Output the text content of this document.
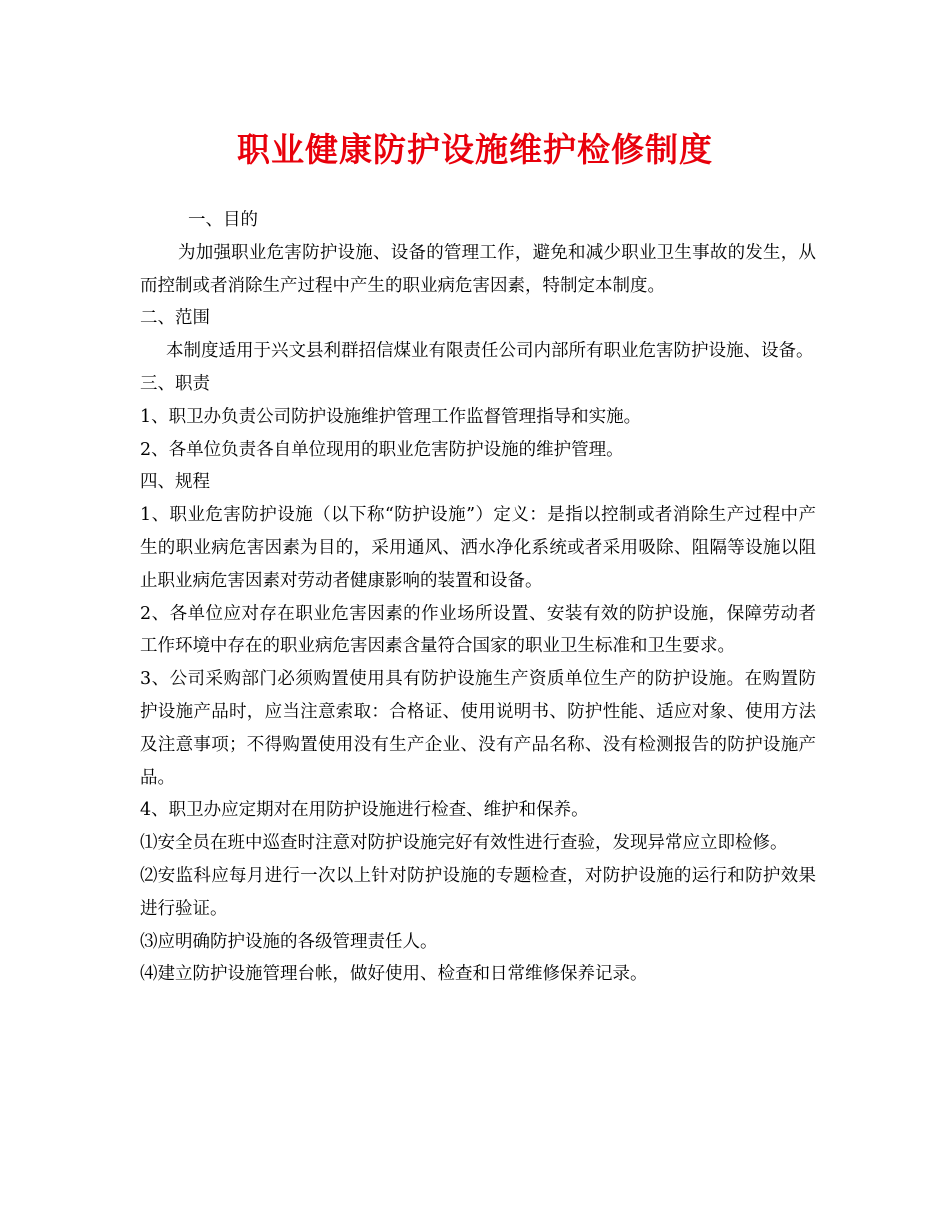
职业健康防护设施维护检修制度

一、目的

为加强职业危害防护设施、设备的管理工作，避免和减少职业卫生事故的发生，从而控制或者消除生产过程中产生的职业病危害因素，特制定本制度。

二、范围

本制度适用于兴文县利群招信煤业有限责任公司内部所有职业危害防护设施、设备。

三、职责

1、职卫办负责公司防护设施维护管理工作监督管理指导和实施。

2、各单位负责各自单位现用的职业危害防护设施的维护管理。

四、规程

1、职业危害防护设施（以下称“防护设施”）定义：是指以控制或者消除生产过程中产生的职业病危害因素为目的，采用通风、洒水净化系统或者采用吸除、阻隔等设施以阻止职业病危害因素对劳动者健康影响的装置和设备。

2、各单位应对存在职业危害因素的作业场所设置、安装有效的防护设施，保障劳动者工作环境中存在的职业病危害因素含量符合国家的职业卫生标准和卫生要求。

3、公司采购部门必须购置使用具有防护设施生产资质单位生产的防护设施。在购置防护设施产品时，应当注意索取：合格证、使用说明书、防护性能、适应对象、使用方法及注意事项；不得购置使用没有生产企业、没有产品名称、没有检测报告的防护设施产品。

4、职卫办应定期对在用防护设施进行检查、维护和保养。

⑴安全员在班中巡查时注意对防护设施完好有效性进行查验，发现异常应立即检修。

⑵安监科应每月进行一次以上针对防护设施的专题检查，对防护设施的运行和防护效果进行验证。

⑶应明确防护设施的各级管理责任人。

⑷建立防护设施管理台帐，做好使用、检查和日常维修保养记录。
